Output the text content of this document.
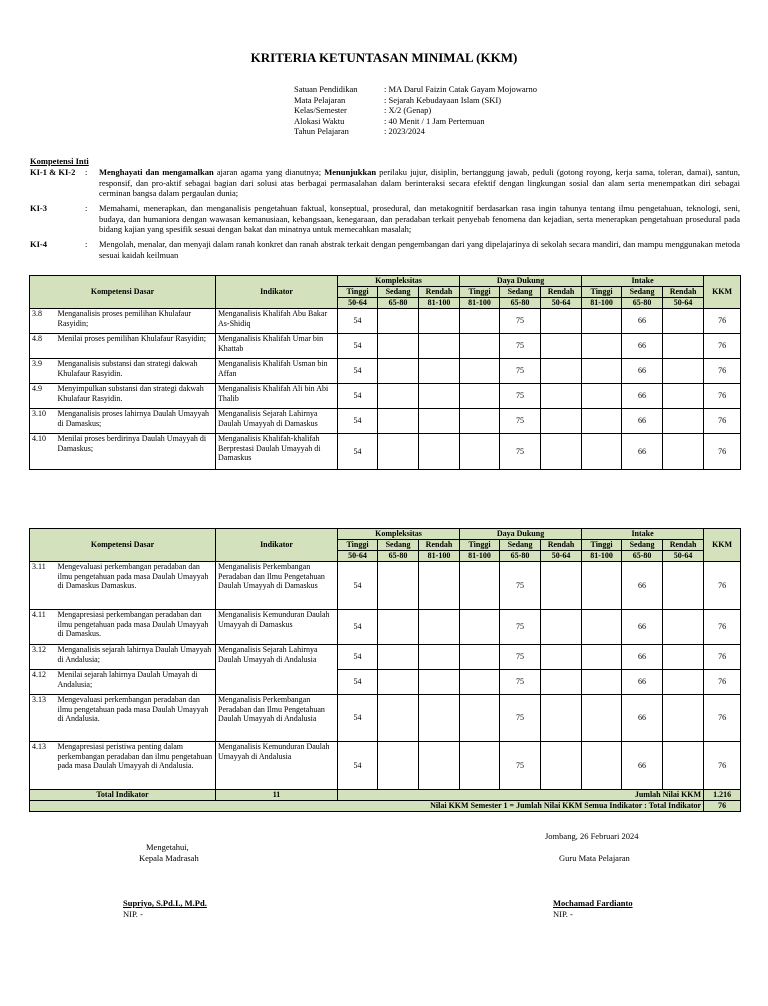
KRITERIA KETUNTASAN MINIMAL (KKM)
Satuan Pendidikan	: MA Darul Faizin Catak Gayam Mojowarno
Mata Pelajaran	: Sejarah Kebudayaan Islam (SKI)
Kelas/Semester	: X/2 (Genap)
Alokasi Waktu	: 40 Menit / 1 Jam Pertemuan
Tahun Pelajaran	: 2023/2024
Kompetensi Inti
KI-1 & KI-2	:	Menghayati dan mengamalkan ajaran agama yang dianutnya; Menunjukkan perilaku jujur, disiplin, bertanggung jawab, peduli (gotong royong, kerja sama, toleran, damai), santun, responsif, dan pro-aktif sebagai bagian dari solusi atas berbagai permasalahan dalam berinteraksi secara efektif dengan lingkungan sosial dan alam serta menempatkan diri sebagai cerminan bangsa dalam pergaulan dunia;
KI-3	:	Memahami, menerapkan, dan menganalisis pengetahuan faktual, konseptual, prosedural, dan metakognitif berdasarkan rasa ingin tahunya tentang ilmu pengetahuan, teknologi, seni, budaya, dan humaniora dengan wawasan kemanusiaan, kebangsaan, kenegaraan, dan peradaban terkait penyebab fenomena dan kejadian, serta menerapkan pengetahuan prosedural pada bidang kajian yang spesifik sesuai dengan bakat dan minatnya untuk memecahkan masalah;
KI-4	:	Mengolah, menalar, dan menyaji dalam ranah konkret dan ranah abstrak terkait dengan pengembangan dari yang dipelajarinya di sekolah secara mandiri, dan mampu menggunakan metoda sesuai kaidah keilmuan
Kompetensi Dasar		Indikator	Kompleksitas			Daya Dukung			Intake			KKM
			Tinggi	Sedang	Rendah	Tinggi	Sedang	Rendah	Tinggi	Sedang	Rendah	
			50-64	65-80	81-100	81-100	65-80	50-64	81-100	65-80	50-64	
3.8	Menganalisis proses pemilihan Khulafaur Rasyidin;	Menganalisis Khalifah Abu Bakar As-Shidiq	54				75			66		76
4.8	Menilai proses pemilihan Khulafaur Rasyidin;	Menganalisis Khalifah Umar bin Khattab	54				75			66		76
3.9	Menganalisis substansi dan strategi dakwah Khulafaur Rasyidin.	Menganalisis Khalifah Usman bin Affan	54				75			66		76
4.9	Menyimpulkan substansi dan strategi dakwah Khulafaur Rasyidin.	Menganalisis Khalifah Ali bin Abi Thalib	54				75			66		76
3.10	Menganalisis proses lahirnya Daulah Umayyah di Damaskus;	Menganalisis Sejarah Lahirnya Daulah Umayyah di Damaskus	54				75			66		76
4.10	Menilai proses berdirinya Daulah Umayyah di Damaskus;	Menganalisis Khalifah-khalifah Berprestasi Daulah Umayyah di Damaskus	54				75			66		76
Kompetensi Dasar		Indikator	Kompleksitas			Daya Dukung			Intake			KKM
			Tinggi	Sedang	Rendah	Tinggi	Sedang	Rendah	Tinggi	Sedang	Rendah	
			50-64	65-80	81-100	81-100	65-80	50-64	81-100	65-80	50-64	
3.11	Mengevaluasi perkembangan peradaban dan ilmu pengetahuan pada masa Daulah Umayyah di Damaskus Damaskus.	Menganalisis Perkembangan Peradaban dan Ilmu Pengetahuan Daulah Umayyah di Damaskus	54				75			66		76
4.11	Mengapresiasi perkembangan peradaban dan ilmu pengetahuan pada masa Daulah Umayyah di Damaskus.	Menganalisis Kemunduran Daulah Umayyah di Damaskus	54				75			66		76
3.12	Menganalisis sejarah lahirnya Daulah Umayyah di Andalusia;	Menganalisis Sejarah Lahirnya Daulah Umayyah di Andalusia	54				75			66		76
4.12	Menilai sejarah lahirnya Daulah Umayah di Andalusia;		54				75			66		76
3.13	Mengevaluasi perkembangan peradaban dan ilmu pengetahuan pada masa Daulah Umayyah di Andalusia.	Menganalisis Perkembangan Peradaban dan Ilmu Pengetahuan Daulah Umayyah di Andalusia	54				75			66		76
4.13	Mengapresiasi peristiwa penting dalam perkembangan peradaban dan ilmu pengetahuan pada masa Daulah Umayyah di Andalusia.	Menganalisis Kemunduran Daulah Umayyah di Andalusia	54				75			66		76
Total Indikator		11	Jumlah Nilai KKM									1.216
Nilai KKM Semester 1 = Jumlah Nilai KKM Semua Indikator : Total Indikator												76
Jombang, 26 Februari 2024
Mengetahui,
Kepala Madrasah	Guru Mata Pelajaran
Supriyo, S.Pd.I., M.Pd.
NIP. -
Mochamad Fardianto
NIP. -
